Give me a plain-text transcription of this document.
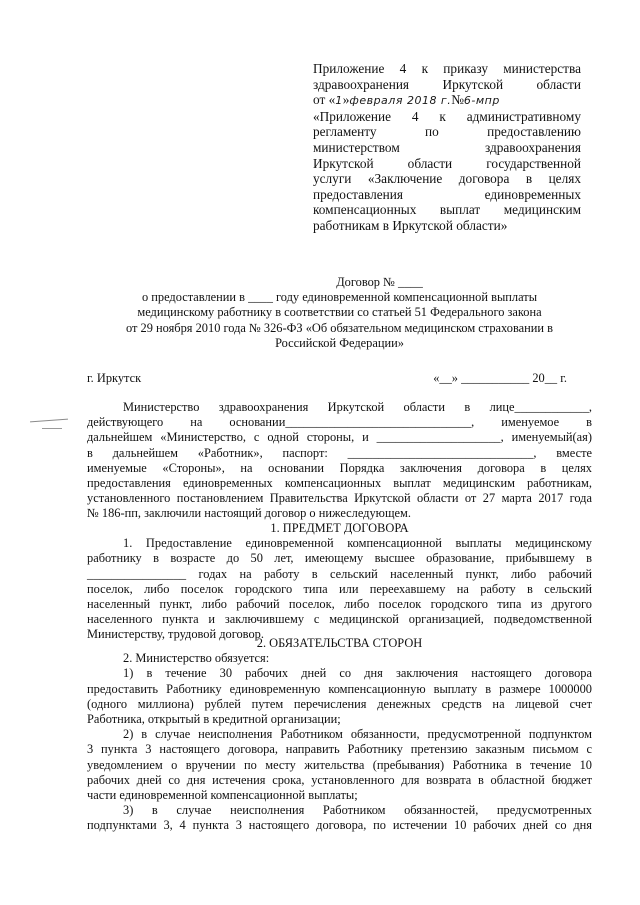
Приложение 4 к приказу министерства
здравоохранения Иркутской области
от «1»февраля 2018 г.№6-мпр
«Приложение 4 к административному
регламенту по предоставлению
министерством здравоохранения
Иркутской области государственной
услуги «Заключение договора в целях
предоставления единовременных
компенсационных выплат медицинским
работникам в Иркутской области»
Договор № ____
о предоставлении в ____ году единовременной компенсационной выплаты
медицинскому работнику в соответствии со статьей 51 Федерального закона
от 29 ноября 2010 года № 326-ФЗ «Об обязательном медицинском страховании в
Российской Федерации»
г. Иркутск	«__» ___________ 20__ г.
Министерство здравоохранения Иркутской области в лице____________,
действующего на основании______________________________, именуемое в
дальнейшем «Министерство, с одной стороны, и ____________________, именуемый(ая)
в дальнейшем «Работник», паспорт: ______________________________, вместе
именуемые «Стороны», на основании Порядка заключения договора в целях
предоставления единовременных компенсационных выплат медицинским работникам,
установленного постановлением Правительства Иркутской области от 27 марта 2017 года
№ 186-пп, заключили настоящий договор о нижеследующем.
1. ПРЕДМЕТ ДОГОВОРА
1. Предоставление единовременной компенсационной выплаты медицинскому
работнику в возрасте до 50 лет, имеющему высшее образование, прибывшему в
________________ годах на работу в сельский населенный пункт, либо рабочий
поселок, либо поселок городского типа или переехавшему на работу в сельский
населенный пункт, либо рабочий поселок, либо поселок городского типа из другого
населенного пункта и заключившему с медицинской организацией, подведомственной
Министерству, трудовой договор.
2. ОБЯЗАТЕЛЬСТВА СТОРОН
2. Министерство обязуется:
1) в течение 30 рабочих дней со дня заключения настоящего договора
предоставить Работнику единовременную компенсационную выплату в размере 1000000
(одного миллиона) рублей путем перечисления денежных средств на лицевой счет
Работника, открытый в кредитной организации;
2) в случае неисполнения Работником обязанности, предусмотренной подпунктом
3 пункта 3 настоящего договора, направить Работнику претензию заказным письмом с
уведомлением о вручении по месту жительства (пребывания) Работника в течение 10
рабочих дней со дня истечения срока, установленного для возврата в областной бюджет
части единовременной компенсационной выплаты;
3) в случае неисполнения Работником обязанностей, предусмотренных
подпунктами 3, 4 пункта 3 настоящего договора, по истечении 10 рабочих дней со дня
